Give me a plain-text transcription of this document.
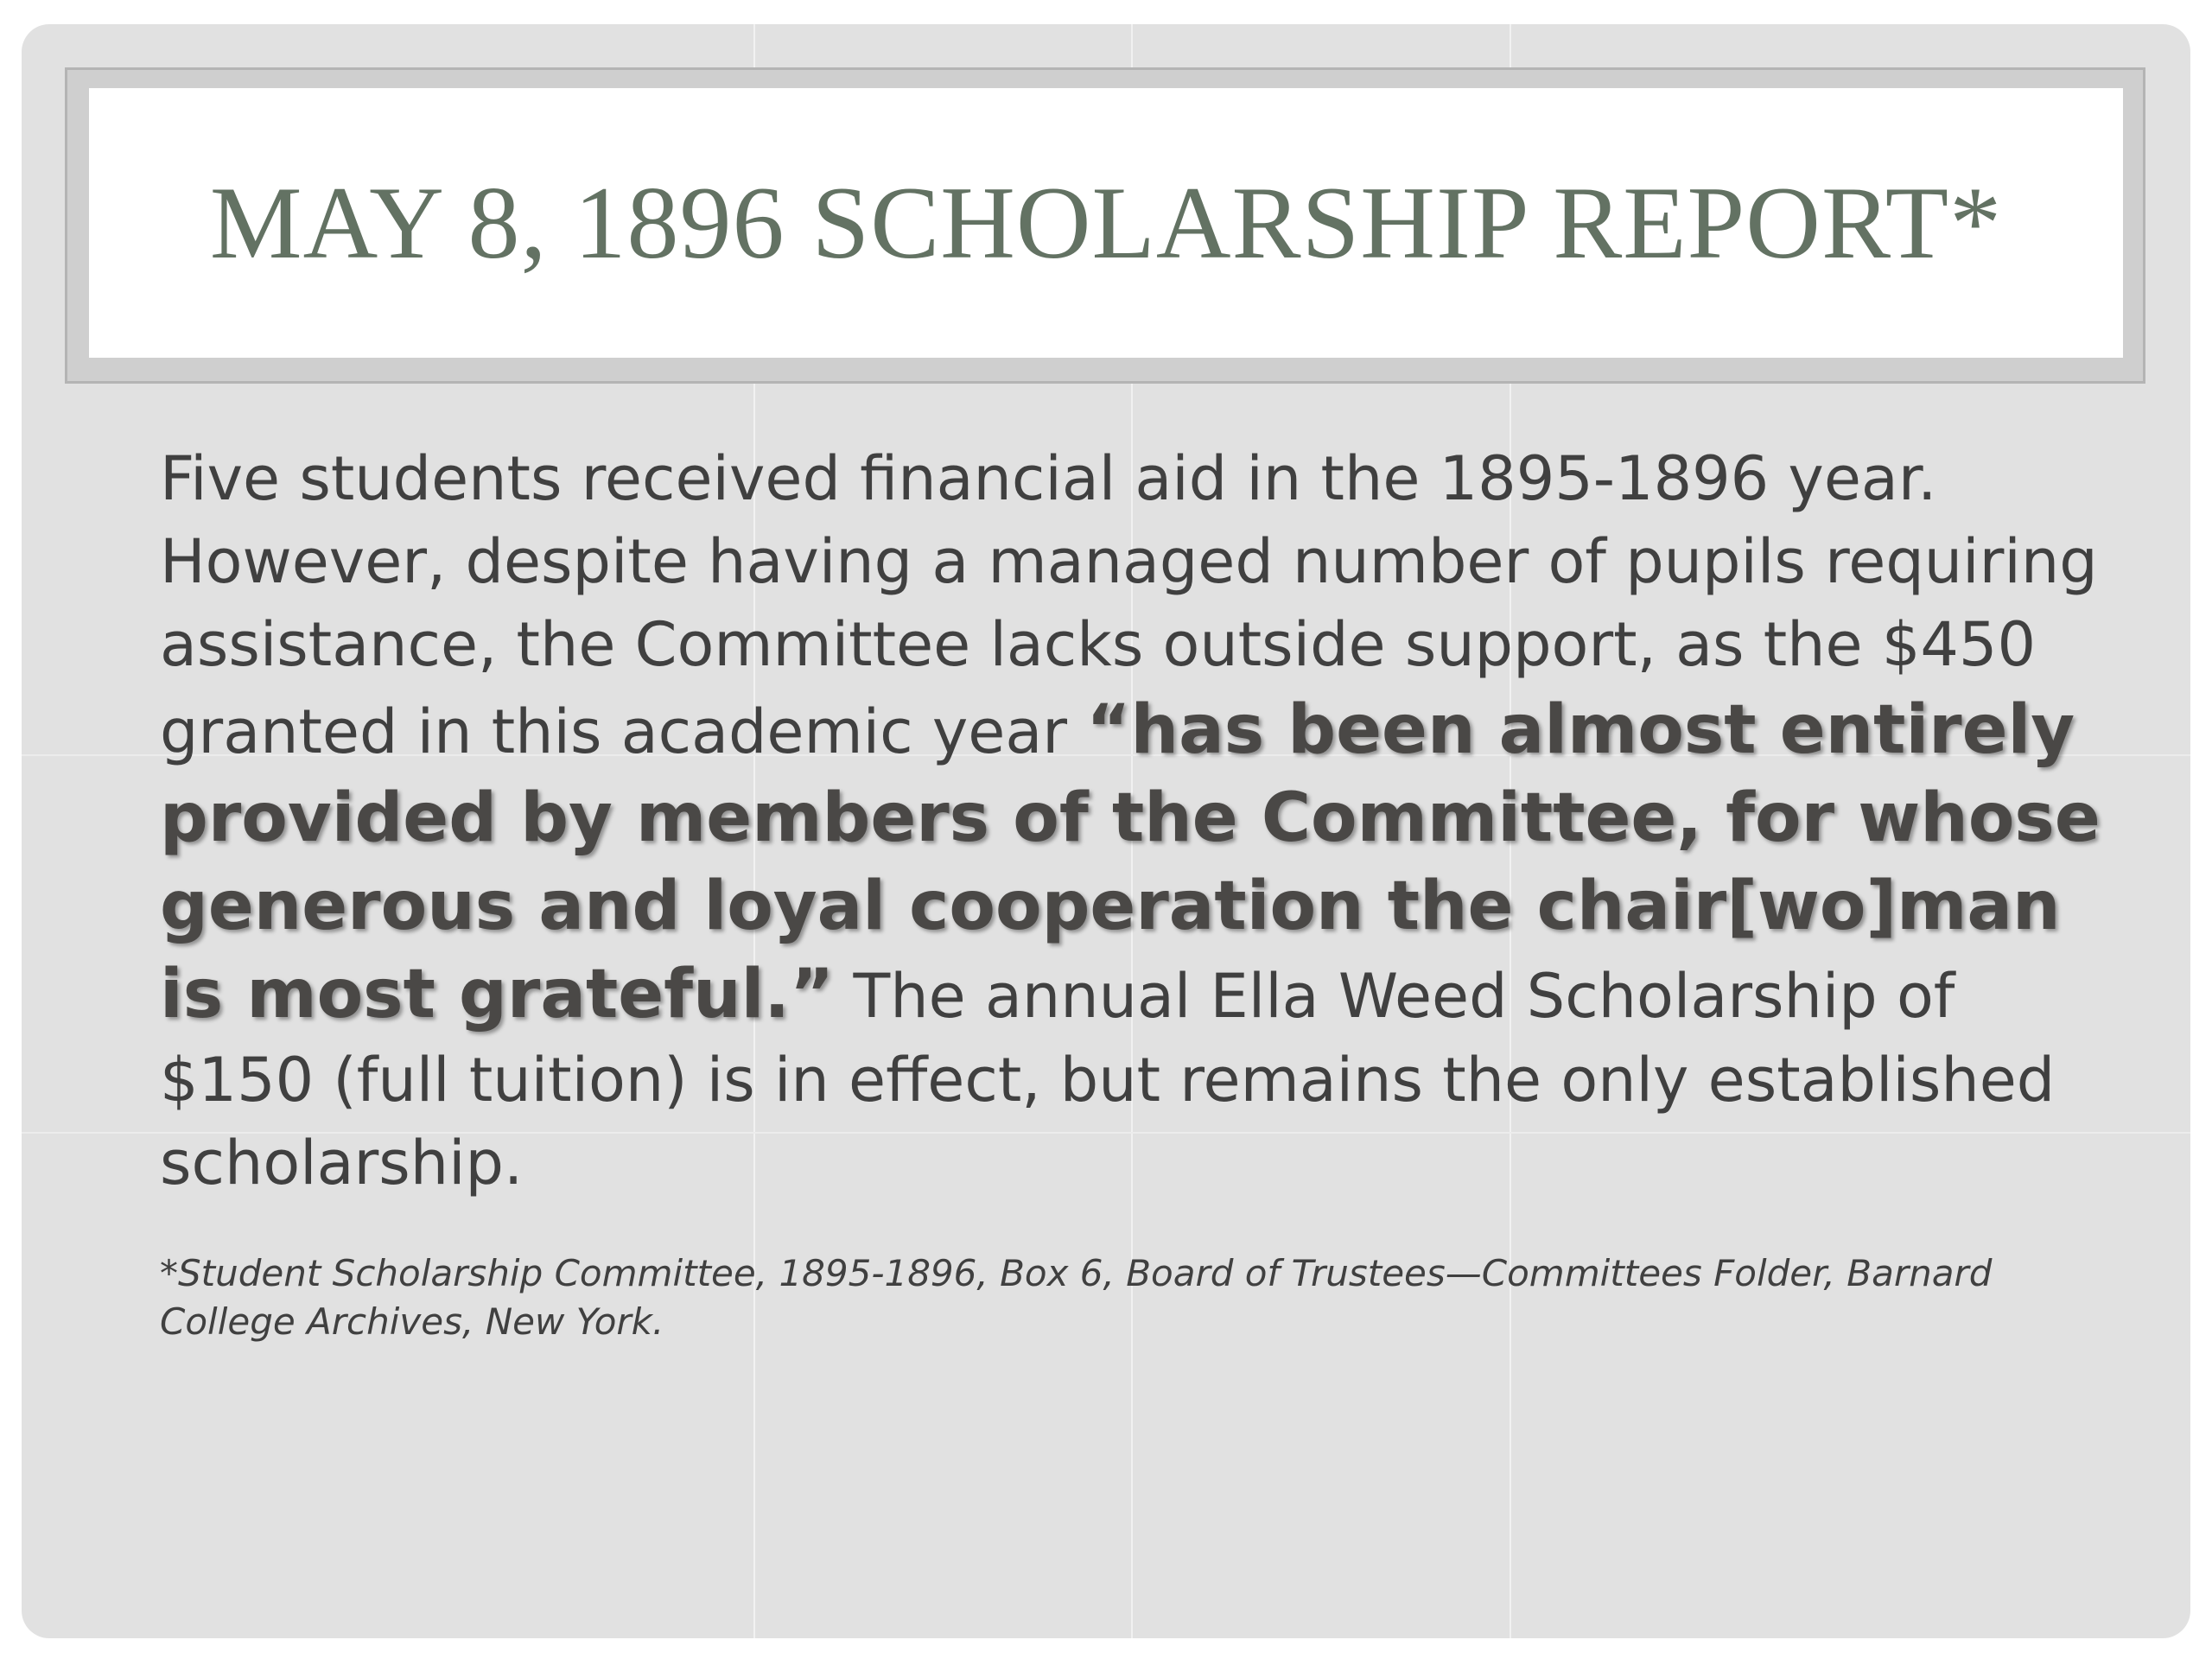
MAY 8, 1896 SCHOLARSHIP REPORT*
Five students received financial aid in the 1895-1896 year. However, despite having a managed number of pupils requiring assistance, the Committee lacks outside support, as the $450 granted in this academic year “has been almost entirely provided by members of the Committee, for whose generous and loyal cooperation the chair[wo]man is most grateful.” The annual Ella Weed Scholarship of $150 (full tuition) is in effect, but remains the only established scholarship.
*Student Scholarship Committee, 1895-1896, Box 6, Board of Trustees—Committees Folder, Barnard College Archives, New York.
